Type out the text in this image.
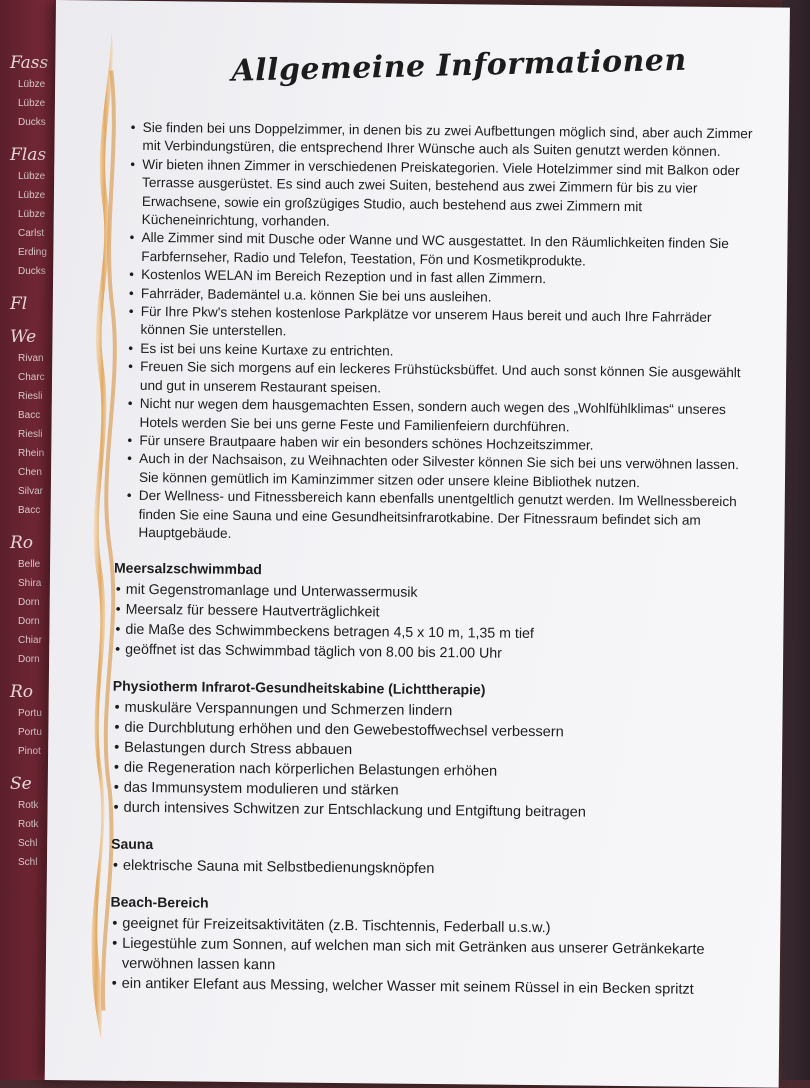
Fass
Lübze
Lübze
Ducks
Flas
Lübze
Lübze
Lübze
Carlst
Erding
Ducks
Fl
We
Rivan
Charc
Riesli
Bacc
Riesli
Rhein
Chen
Silvar
Bacc
Ro
Belle
Shira
Dorn
Dorn
Chiar
Dorn
Ro
Portu
Portu
Pinot
Se
Rotk
Rotk
Schl
Schl
Allgemeine Informationen
• Sie finden bei uns Doppelzimmer, in denen bis zu zwei Aufbettungen möglich sind, aber auch Zimmer mit Verbindungstüren, die entsprechend Ihrer Wünsche auch als Suiten genutzt werden können.
• Wir bieten ihnen Zimmer in verschiedenen Preiskategorien. Viele Hotelzimmer sind mit Balkon oder Terrasse ausgerüstet. Es sind auch zwei Suiten, bestehend aus zwei Zimmern für bis zu vier Erwachsene, sowie ein großzügiges Studio, auch bestehend aus zwei Zimmern mit Kücheneinrichtung, vorhanden.
• Alle Zimmer sind mit Dusche oder Wanne und WC ausgestattet. In den Räumlichkeiten finden Sie Farbfernseher, Radio und Telefon, Teestation, Fön und Kosmetikprodukte.
• Kostenlos WELAN im Bereich Rezeption und in fast allen Zimmern.
• Fahrräder, Bademäntel u.a. können Sie bei uns ausleihen.
• Für Ihre Pkw's stehen kostenlose Parkplätze vor unserem Haus bereit und auch Ihre Fahrräder können Sie unterstellen.
• Es ist bei uns keine Kurtaxe zu entrichten.
• Freuen Sie sich morgens auf ein leckeres Frühstücksbüffet. Und auch sonst können Sie ausgewählt und gut in unserem Restaurant speisen.
• Nicht nur wegen dem hausgemachten Essen, sondern auch wegen des „Wohlfühlklimas“ unseres Hotels werden Sie bei uns gerne Feste und Familienfeiern durchführen.
• Für unsere Brautpaare haben wir ein besonders schönes Hochzeitszimmer.
• Auch in der Nachsaison, zu Weihnachten oder Silvester können Sie sich bei uns verwöhnen lassen. Sie können gemütlich im Kaminzimmer sitzen oder unsere kleine Bibliothek nutzen.
• Der Wellness- und Fitnessbereich kann ebenfalls unentgeltlich genutzt werden. Im Wellnessbereich finden Sie eine Sauna und eine Gesundheitsinfrarotkabine. Der Fitnessraum befindet sich am Hauptgebäude.
Meersalzschwimmbad
• mit Gegenstromanlage und Unterwassermusik
• Meersalz für bessere Hautverträglichkeit
• die Maße des Schwimmbeckens betragen 4,5 x 10 m, 1,35 m tief
• geöffnet ist das Schwimmbad täglich von 8.00 bis 21.00 Uhr
Physiotherm Infrarot-Gesundheitskabine (Lichttherapie)
• muskuläre Verspannungen und Schmerzen lindern
• die Durchblutung erhöhen und den Gewebestoffwechsel verbessern
• Belastungen durch Stress abbauen
• die Regeneration nach körperlichen Belastungen erhöhen
• das Immunsystem modulieren und stärken
• durch intensives Schwitzen zur Entschlackung und Entgiftung beitragen
Sauna
• elektrische Sauna mit Selbstbedienungsknöpfen
Beach-Bereich
• geeignet für Freizeitsaktivitäten (z.B. Tischtennis, Federball u.s.w.)
• Liegestühle zum Sonnen, auf welchen man sich mit Getränken aus unserer Getränkekarte verwöhnen lassen kann
• ein antiker Elefant aus Messing, welcher Wasser mit seinem Rüssel in ein Becken spritzt
